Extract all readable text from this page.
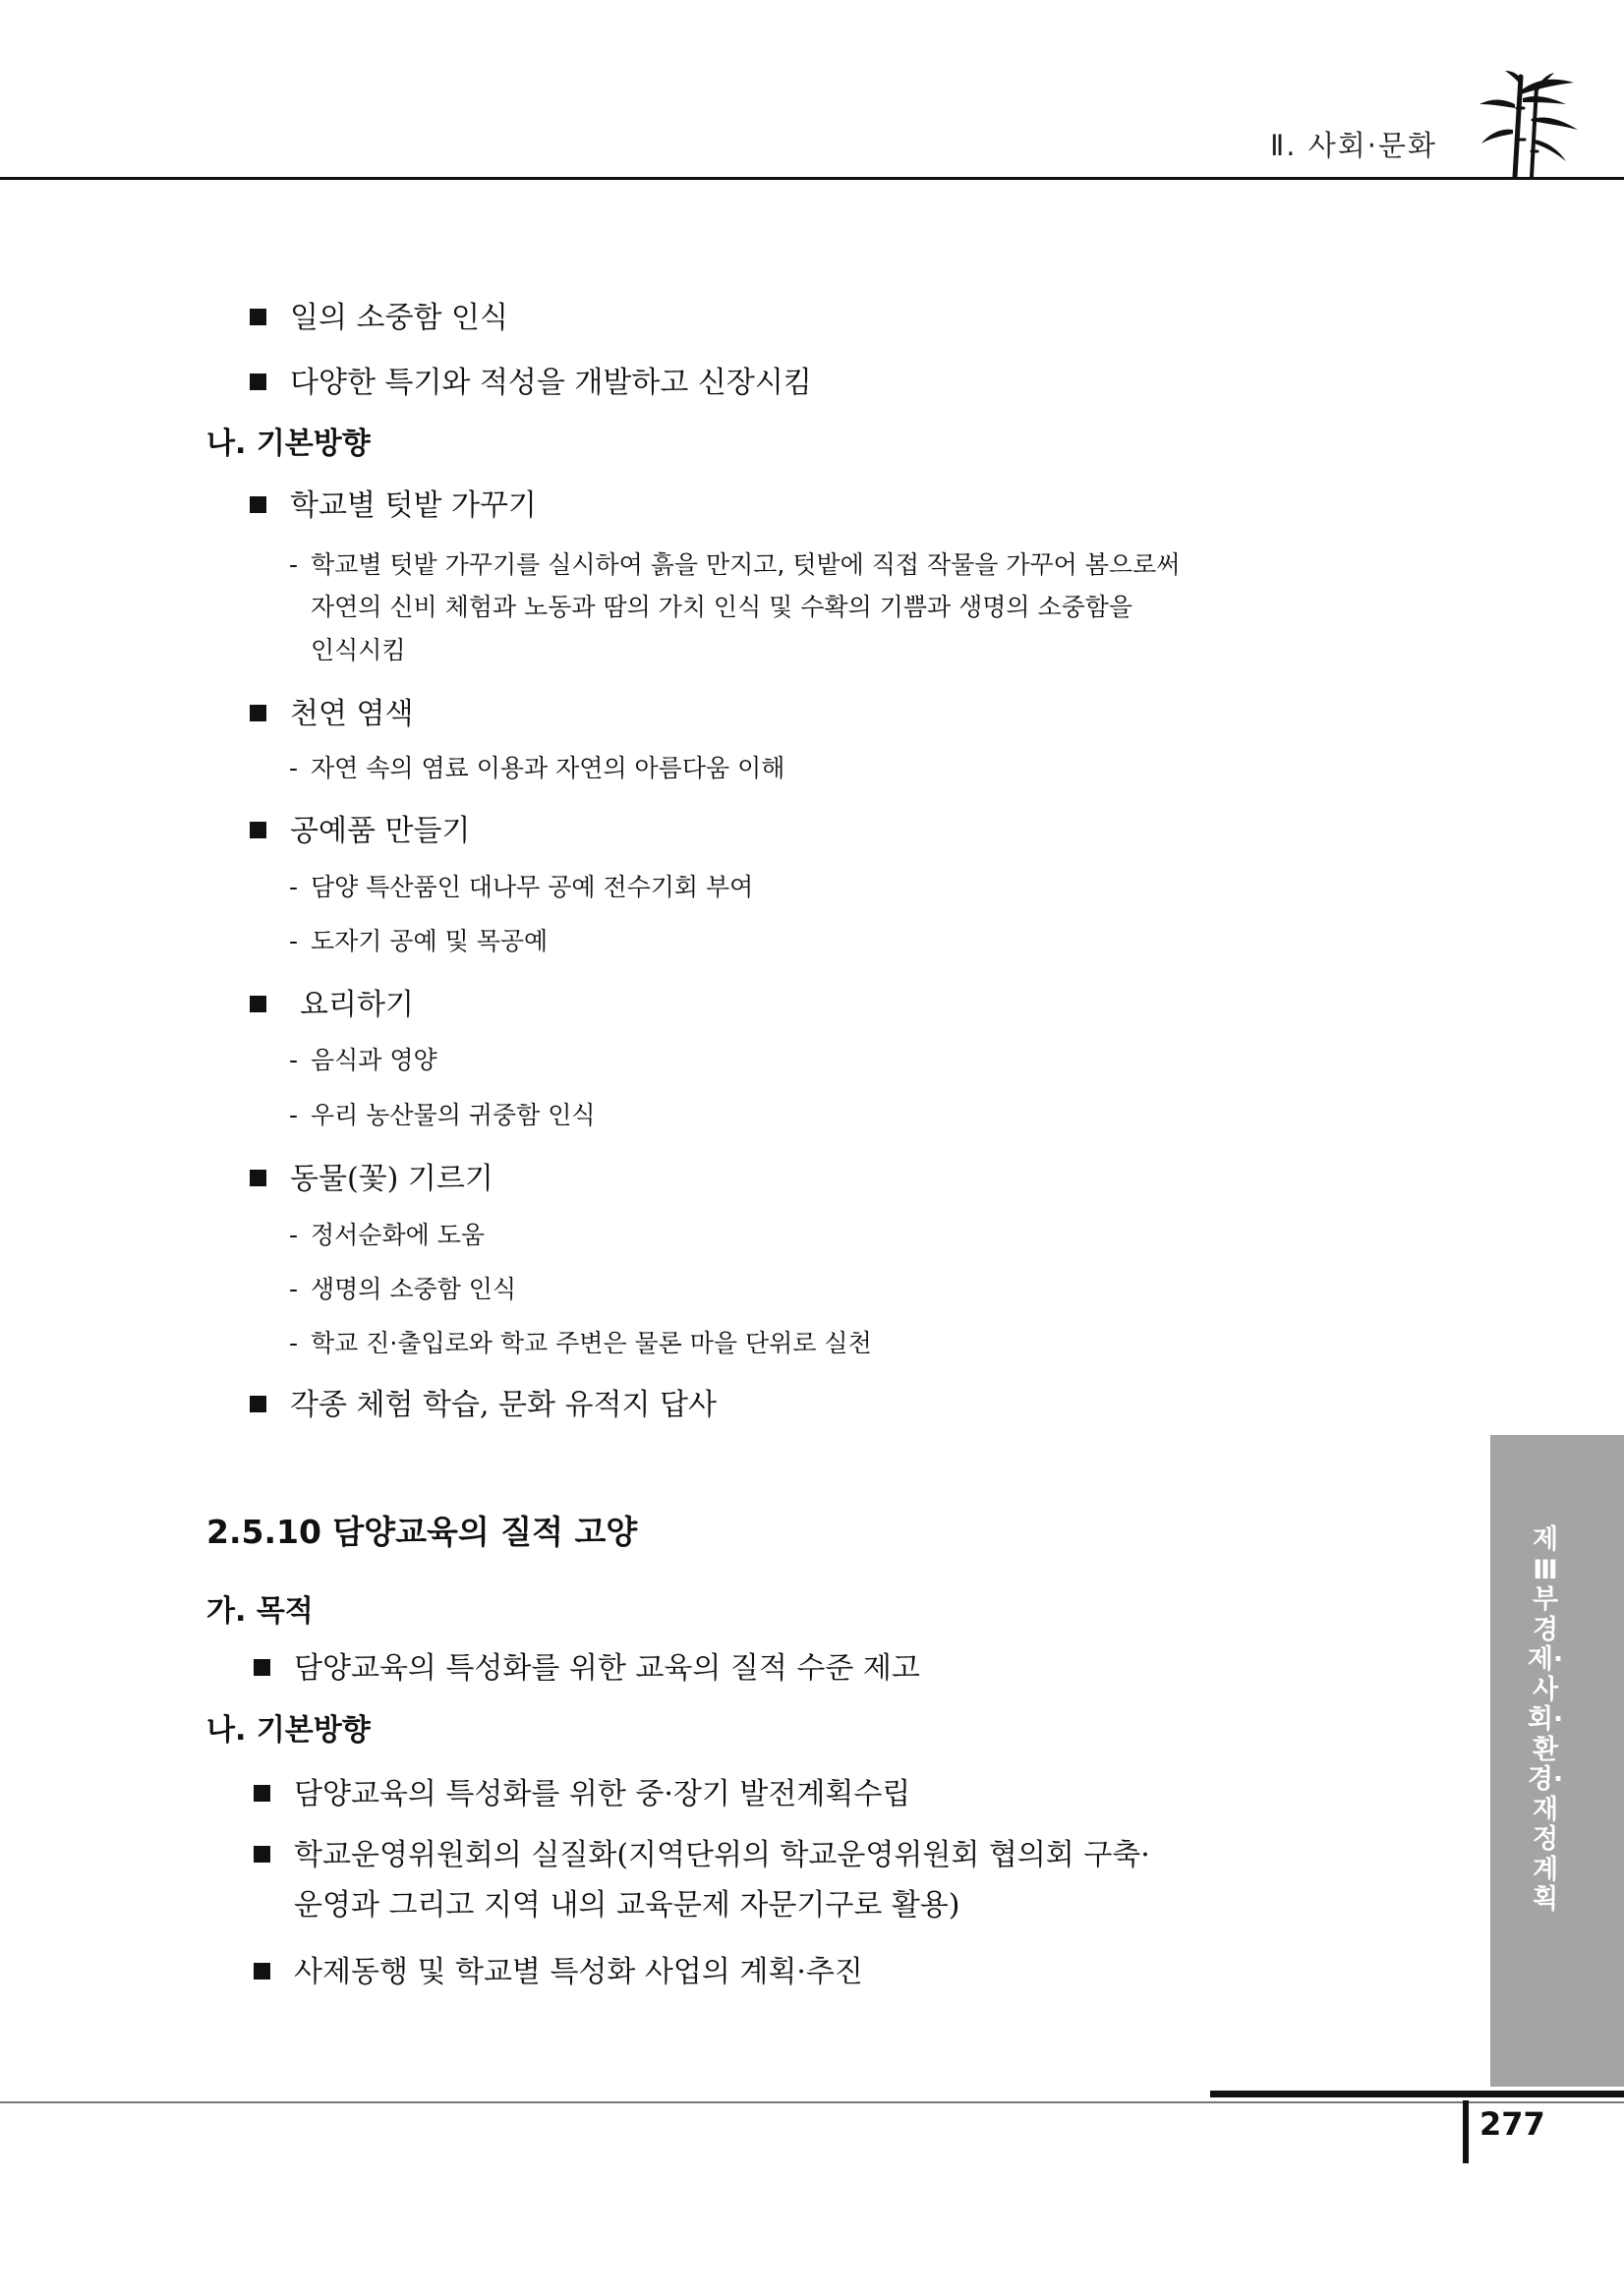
Ⅱ. 사회·문화
일의 소중함 인식
다양한 특기와 적성을 개발하고 신장시킴
나. 기본방향
학교별 텃밭 가꾸기
- 학교별 텃밭 가꾸기를 실시하여 흙을 만지고, 텃밭에 직접 작물을 가꾸어 봄으로써
자연의 신비 체험과 노동과 땀의 가치 인식 및 수확의 기쁨과 생명의 소중함을
인식시킴
천연 염색
- 자연 속의 염료 이용과 자연의 아름다움 이해
공예품 만들기
- 담양 특산품인 대나무 공예 전수기회 부여
- 도자기 공예 및 목공예
요리하기
- 음식과 영양
- 우리 농산물의 귀중함 인식
동물(꽃) 기르기
- 정서순화에 도움
- 생명의 소중함 인식
- 학교 진·출입로와 학교 주변은 물론 마을 단위로 실천
각종 체험 학습, 문화 유적지 답사
2.5.10 담양교육의 질적 고양
가. 목적
담양교육의 특성화를 위한 교육의 질적 수준 제고
나. 기본방향
담양교육의 특성화를 위한 중·장기 발전계획수립
학교운영위원회의 실질화(지역단위의 학교운영위원회 협의회 구축·
운영과 그리고 지역 내의 교육문제 자문기구로 활용)
사제동행 및 학교별 특성화 사업의 계획·추진
제Ⅲ부 경제·사회·환경·재정계획
277
